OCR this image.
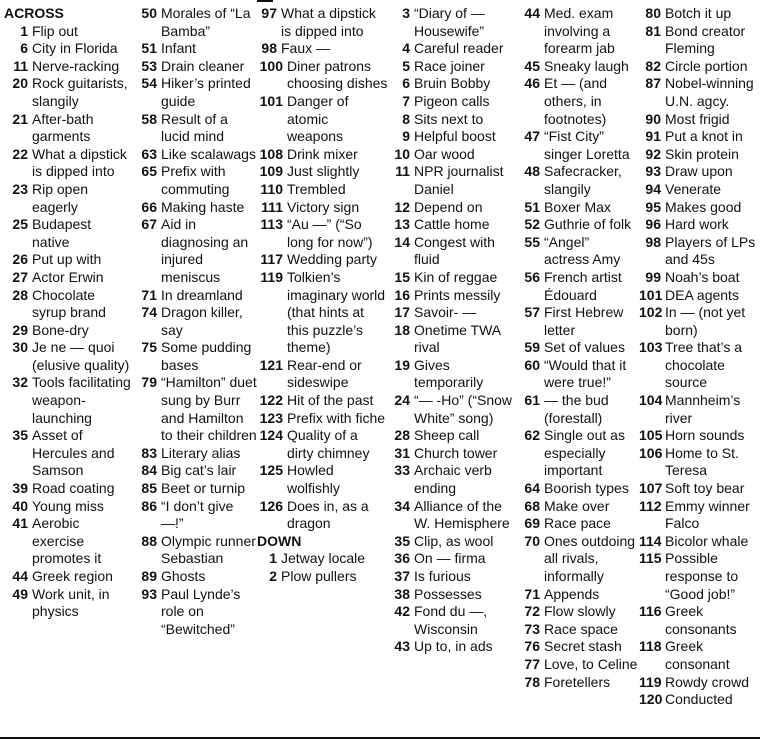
ACROSS
1 Flip out
6 City in Florida
11 Nerve-racking
20 Rock guitarists, slangily
21 After-bath garments
22 What a dipstick is dipped into
23 Rip open eagerly
25 Budapest native
26 Put up with
27 Actor Erwin
28 Chocolate syrup brand
29 Bone-dry
30 Je ne — quoi (elusive quality)
32 Tools facilitating weapon-launching
35 Asset of Hercules and Samson
39 Road coating
40 Young miss
41 Aerobic exercise promotes it
44 Greek region
49 Work unit, in physics
50 Morales of “La Bamba”
51 Infant
53 Drain cleaner
54 Hiker’s printed guide
58 Result of a lucid mind
63 Like scalawags
65 Prefix with commuting
66 Making haste
67 Aid in diagnosing an injured meniscus
71 In dreamland
74 Dragon killer, say
75 Some pudding bases
79 “Hamilton” duet sung by Burr and Hamilton to their children
83 Literary alias
84 Big cat’s lair
85 Beet or turnip
86 “I don’t give —!”
88 Olympic runner Sebastian
89 Ghosts
93 Paul Lynde’s role on “Bewitched”
97 What a dipstick is dipped into
98 Faux —
100 Diner patrons choosing dishes
101 Danger of atomic weapons
108 Drink mixer
109 Just slightly
110 Trembled
111 Victory sign
113 “Au —” (“So long for now”)
117 Wedding party
119 Tolkien’s imaginary world (that hints at this puzzle’s theme)
121 Rear-end or sideswipe
122 Hit of the past
123 Prefix with fiche
124 Quality of a dirty chimney
125 Howled wolfishly
126 Does in, as a dragon
DOWN
1 Jetway locale
2 Plow pullers
3 “Diary of — Housewife”
4 Careful reader
5 Race joiner
6 Bruin Bobby
7 Pigeon calls
8 Sits next to
9 Helpful boost
10 Oar wood
11 NPR journalist Daniel
12 Depend on
13 Cattle home
14 Congest with fluid
15 Kin of reggae
16 Prints messily
17 Savoir- —
18 Onetime TWA rival
19 Gives temporarily
24 “— -Ho” (“Snow White” song)
28 Sheep call
31 Church tower
33 Archaic verb ending
34 Alliance of the W. Hemisphere
35 Clip, as wool
36 On — firma
37 Is furious
38 Possesses
42 Fond du —, Wisconsin
43 Up to, in ads
44 Med. exam involving a forearm jab
45 Sneaky laugh
46 Et — (and others, in footnotes)
47 “Fist City” singer Loretta
48 Safecracker, slangily
51 Boxer Max
52 Guthrie of folk
55 “Angel” actress Amy
56 French artist Édouard
57 First Hebrew letter
59 Set of values
60 “Would that it were true!”
61 — the bud (forestall)
62 Single out as especially important
64 Boorish types
68 Make over
69 Race pace
70 Ones outdoing all rivals, informally
71 Appends
72 Flow slowly
73 Race space
76 Secret stash
77 Love, to Celine
78 Foretellers
80 Botch it up
81 Bond creator Fleming
82 Circle portion
87 Nobel-winning U.N. agcy.
90 Most frigid
91 Put a knot in
92 Skin protein
93 Draw upon
94 Venerate
95 Makes good
96 Hard work
98 Players of LPs and 45s
99 Noah’s boat
101 DEA agents
102 In — (not yet born)
103 Tree that’s a chocolate source
104 Mannheim’s river
105 Horn sounds
106 Home to St. Teresa
107 Soft toy bear
112 Emmy winner Falco
114 Bicolor whale
115 Possible response to “Good job!”
116 Greek consonants
118 Greek consonant
119 Rowdy crowd
120 Conducted
